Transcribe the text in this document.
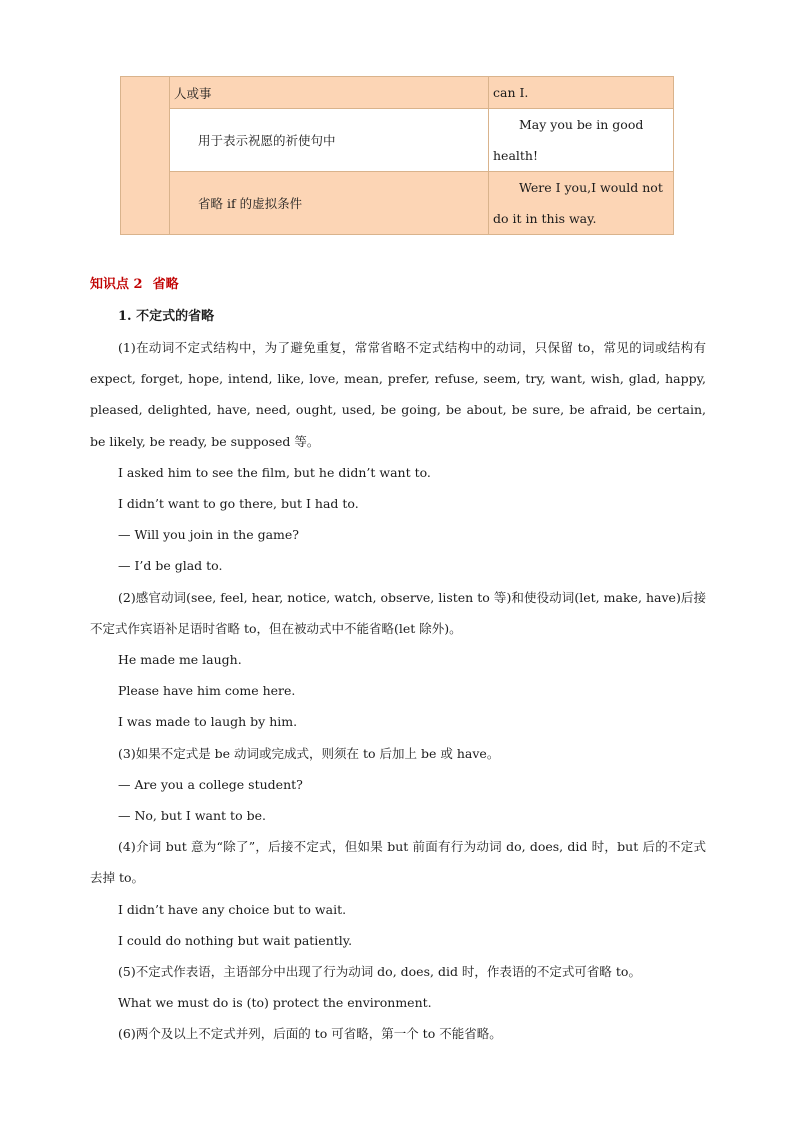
	人或事	can I.
	用于表示祝愿的祈使句中	May you be in good health!
	省略 if 的虚拟条件	Were I you,I would not do it in this way.
知识点 2 省略
1. 不定式的省略

(1)在动词不定式结构中，为了避免重复，常常省略不定式结构中的动词，只保留 to，常见的词或结构有 expect, forget, hope, intend, like, love, mean, prefer, refuse, seem, try, want, wish, glad, happy, pleased, delighted, have, need, ought, used, be going, be about, be sure, be afraid, be certain, be likely, be ready, be supposed 等。

I asked him to see the film, but he didn’t want to.

I didn’t want to go there, but I had to.

— Will you join in the game?

— I’d be glad to.

(2)感官动词(see, feel, hear, notice, watch, observe, listen to 等)和使役动词(let, make, have)后接不定式作宾语补足语时省略 to，但在被动式中不能省略(let 除外)。

He made me laugh.

Please have him come here.

I was made to laugh by him.

(3)如果不定式是 be 动词或完成式，则须在 to 后加上 be 或 have。

— Are you a college student?

— No, but I want to be.

(4)介词 but 意为“除了”，后接不定式，但如果 but 前面有行为动词 do, does, did 时，but 后的不定式去掉 to。

I didn’t have any choice but to wait.

I could do nothing but wait patiently.

(5)不定式作表语，主语部分中出现了行为动词 do, does, did 时，作表语的不定式可省略 to。

What we must do is (to) protect the environment.

(6)两个及以上不定式并列，后面的 to 可省略，第一个 to 不能省略。
